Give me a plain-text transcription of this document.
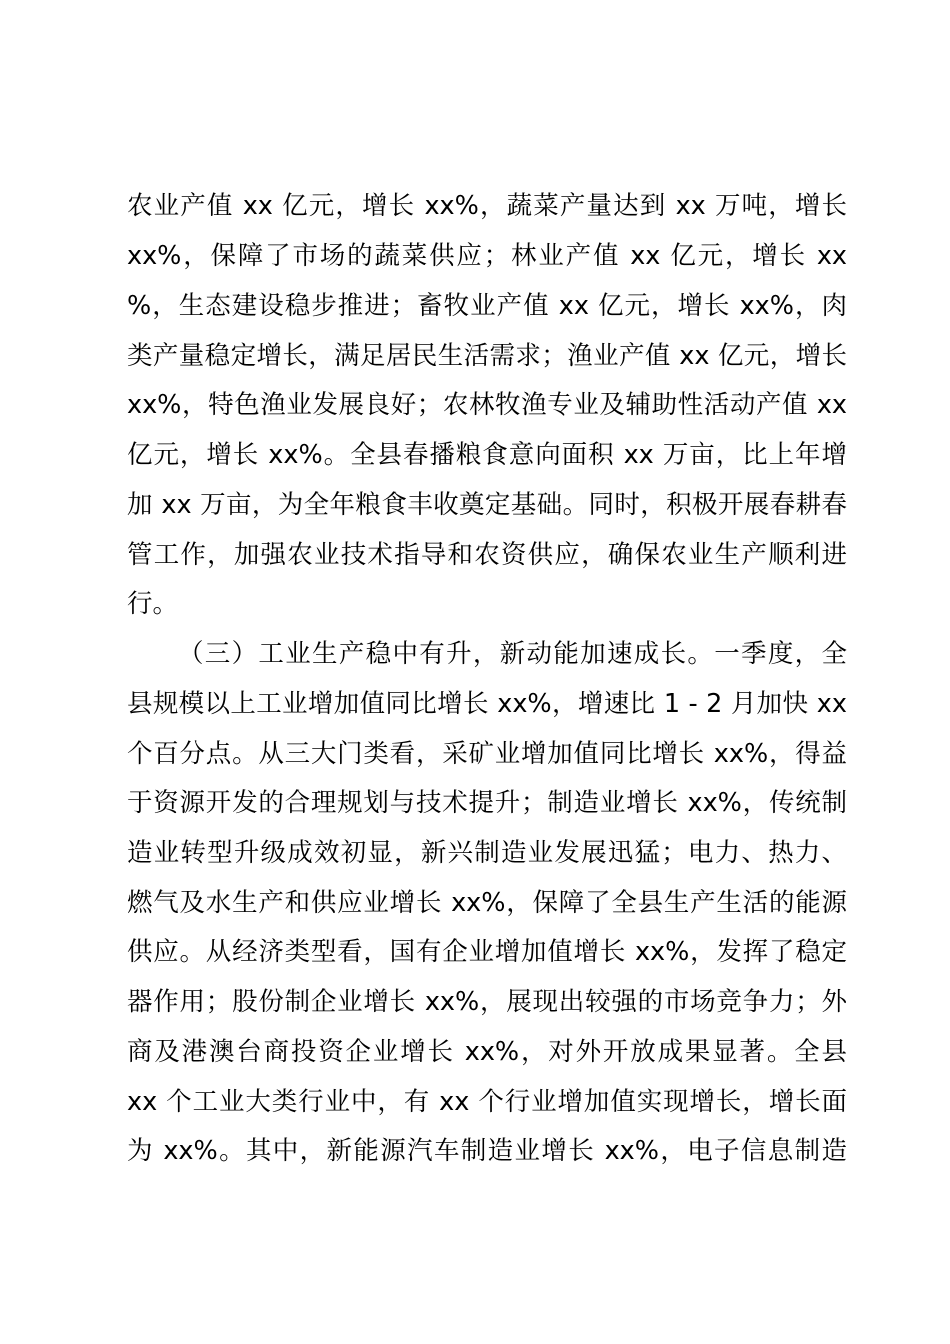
农业产值 xx 亿元，增长 xx%，蔬菜产量达到 xx 万吨，增长

xx%，保障了市场的蔬菜供应；林业产值 xx 亿元，增长 xx

%，生态建设稳步推进；畜牧业产值 xx 亿元，增长 xx%，肉

类产量稳定增长，满足居民生活需求；渔业产值 xx 亿元，增长

xx%，特色渔业发展良好；农林牧渔专业及辅助性活动产值 xx

亿元，增长 xx%。全县春播粮食意向面积 xx 万亩，比上年增

加 xx 万亩，为全年粮食丰收奠定基础。同时，积极开展春耕春

管工作，加强农业技术指导和农资供应，确保农业生产顺利进

行。

（三）工业生产稳中有升，新动能加速成长。一季度，全

县规模以上工业增加值同比增长 xx%，增速比 1 - 2 月加快 xx

个百分点。从三大门类看，采矿业增加值同比增长 xx%，得益

于资源开发的合理规划与技术提升；制造业增长 xx%，传统制

造业转型升级成效初显，新兴制造业发展迅猛；电力、热力、

燃气及水生产和供应业增长 xx%，保障了全县生产生活的能源

供应。从经济类型看，国有企业增加值增长 xx%，发挥了稳定

器作用；股份制企业增长 xx%，展现出较强的市场竞争力；外

商及港澳台商投资企业增长 xx%，对外开放成果显著。全县

xx 个工业大类行业中，有 xx 个行业增加值实现增长，增长面

为 xx%。其中，新能源汽车制造业增长 xx%，电子信息制造
